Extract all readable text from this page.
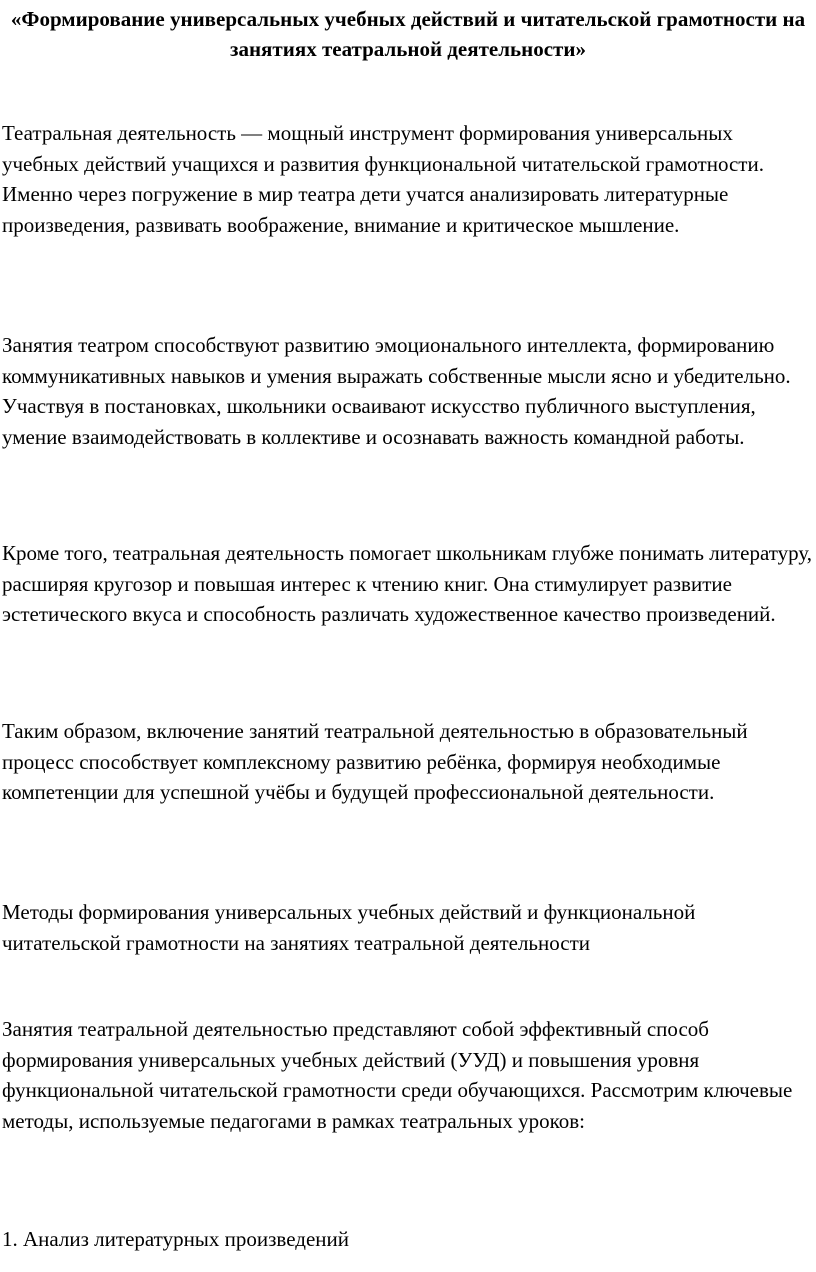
«Формирование универсальных учебных действий и читательской грамотности на занятиях театральной деятельности»

Театральная деятельность — мощный инструмент формирования универсальных учебных действий учащихся и развития функциональной читательской грамотности. Именно через погружение в мир театра дети учатся анализировать литературные произведения, развивать воображение, внимание и критическое мышление.

Занятия театром способствуют развитию эмоционального интеллекта, формированию коммуникативных навыков и умения выражать собственные мысли ясно и убедительно. Участвуя в постановках, школьники осваивают искусство публичного выступления, умение взаимодействовать в коллективе и осознавать важность командной работы.

Кроме того, театральная деятельность помогает школьникам глубже понимать литературу, расширяя кругозор и повышая интерес к чтению книг. Она стимулирует развитие эстетического вкуса и способность различать художественное качество произведений.

Таким образом, включение занятий театральной деятельностью в образовательный процесс способствует комплексному развитию ребёнка, формируя необходимые компетенции для успешной учёбы и будущей профессиональной деятельности.

Методы формирования универсальных учебных действий и функциональной читательской грамотности на занятиях театральной деятельности

Занятия театральной деятельностью представляют собой эффективный способ формирования универсальных учебных действий (УУД) и повышения уровня функциональной читательской грамотности среди обучающихся. Рассмотрим ключевые методы, используемые педагогами в рамках театральных уроков:

1. Анализ литературных произведений
